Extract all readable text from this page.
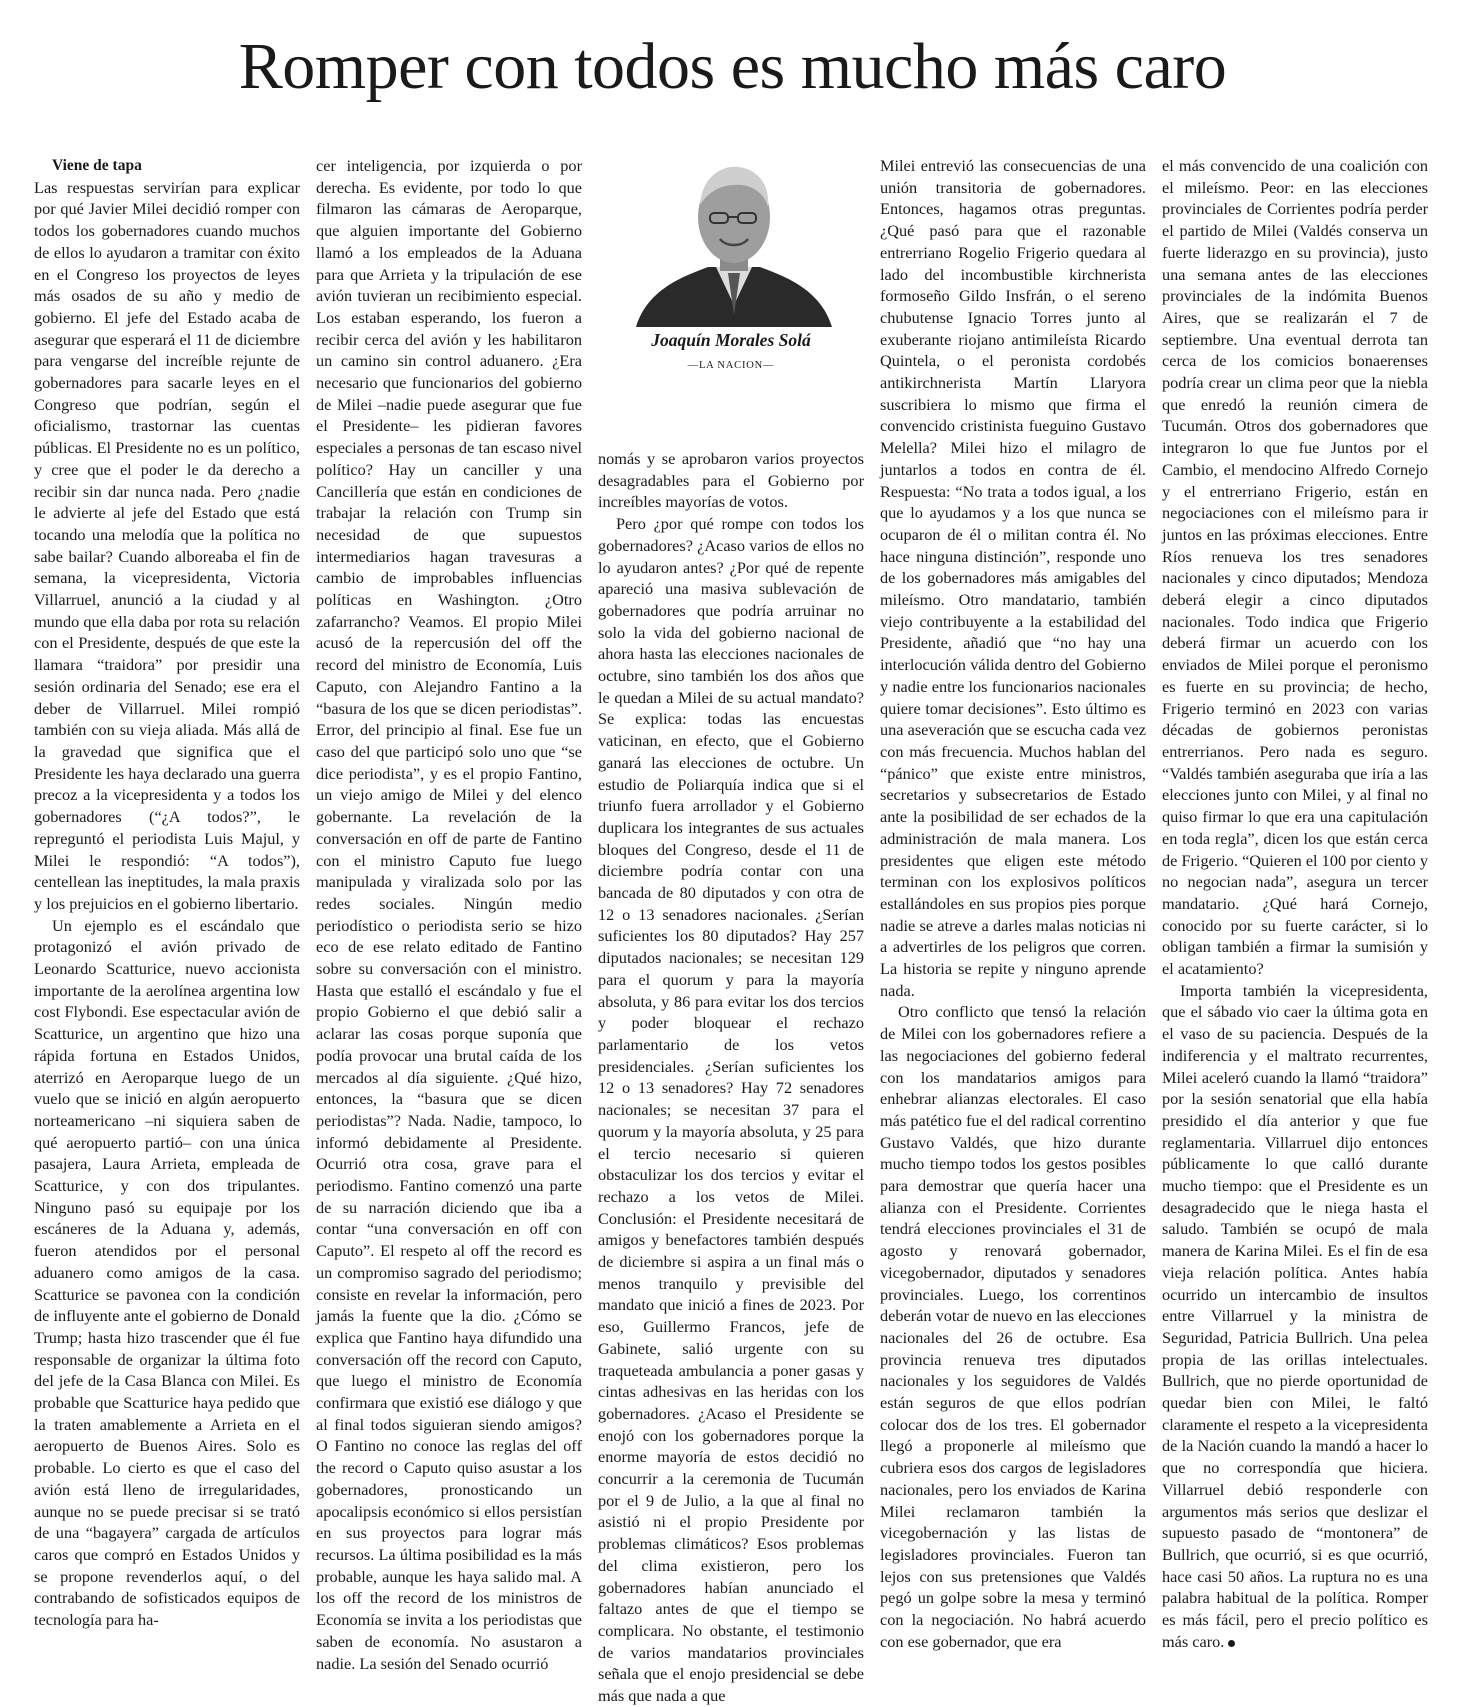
Romper con todos es mucho más caro

Viene de tapa

Las respuestas servirían para explicar por qué Javier Milei decidió romper con todos los gobernadores cuando muchos de ellos lo ayudaron a tramitar con éxito en el Congreso los proyectos de leyes más osados de su año y medio de gobierno. El jefe del Estado acaba de asegurar que esperará el 11 de diciembre para vengarse del increíble rejunte de gobernadores para sacarle leyes en el Congreso que podrían, según el oficialismo, trastornar las cuentas públicas. El Presidente no es un político, y cree que el poder le da derecho a recibir sin dar nunca nada. Pero ¿nadie le advierte al jefe del Estado que está tocando una melodía que la política no sabe bailar? Cuando alboreaba el fin de semana, la vicepresidenta, Victoria Villarruel, anunció a la ciudad y al mundo que ella daba por rota su relación con el Presidente, después de que este la llamara “traidora” por presidir una sesión ordinaria del Senado; ese era el deber de Villarruel. Milei rompió también con su vieja aliada. Más allá de la gravedad que significa que el Presidente les haya declarado una guerra precoz a la vicepresidenta y a todos los gobernadores (“¿A todos?”, le repreguntó el periodista Luis Majul, y Milei le respondió: “A todos”), centellean las ineptitudes, la mala praxis y los prejuicios en el gobierno libertario.

Un ejemplo es el escándalo que protagonizó el avión privado de Leonardo Scatturice, nuevo accionista importante de la aerolínea argentina low cost Flybondi. Ese espectacular avión de Scatturice, un argentino que hizo una rápida fortuna en Estados Unidos, aterrizó en Aeroparque luego de un vuelo que se inició en algún aeropuerto norteamericano –ni siquiera saben de qué aeropuerto partió– con una única pasajera, Laura Arrieta, empleada de Scatturice, y con dos tripulantes. Ninguno pasó su equipaje por los escáneres de la Aduana y, además, fueron atendidos por el personal aduanero como amigos de la casa. Scatturice se pavonea con la condición de influyente ante el gobierno de Donald Trump; hasta hizo trascender que él fue responsable de organizar la última foto del jefe de la Casa Blanca con Milei. Es probable que Scatturice haya pedido que la traten amablemente a Arrieta en el aeropuerto de Buenos Aires. Solo es probable. Lo cierto es que el caso del avión está lleno de irregularidades, aunque no se puede precisar si se trató de una “bagayera” cargada de artículos caros que compró en Estados Unidos y se propone revenderlos aquí, o del contrabando de sofisticados equipos de tecnología para ha-

cer inteligencia, por izquierda o por derecha. Es evidente, por todo lo que filmaron las cámaras de Aeroparque, que alguien importante del Gobierno llamó a los empleados de la Aduana para que Arrieta y la tripulación de ese avión tuvieran un recibimiento especial. Los estaban esperando, los fueron a recibir cerca del avión y les habilitaron un camino sin control aduanero. ¿Era necesario que funcionarios del gobierno de Milei –nadie puede asegurar que fue el Presidente– les pidieran favores especiales a personas de tan escaso nivel político? Hay un canciller y una Cancillería que están en condiciones de trabajar la relación con Trump sin necesidad de que supuestos intermediarios hagan travesuras a cambio de improbables influencias políticas en Washington. ¿Otro zafarrancho? Veamos. El propio Milei acusó de la repercusión del off the record del ministro de Economía, Luis Caputo, con Alejandro Fantino a la “basura de los que se dicen periodistas”. Error, del principio al final. Ese fue un caso del que participó solo uno que “se dice periodista”, y es el propio Fantino, un viejo amigo de Milei y del elenco gobernante. La revelación de la conversación en off de parte de Fantino con el ministro Caputo fue luego manipulada y viralizada solo por las redes sociales. Ningún medio periodístico o periodista serio se hizo eco de ese relato editado de Fantino sobre su conversación con el ministro. Hasta que estalló el escándalo y fue el propio Gobierno el que debió salir a aclarar las cosas porque suponía que podía provocar una brutal caída de los mercados al día siguiente. ¿Qué hizo, entonces, la “basura que se dicen periodistas”? Nada. Nadie, tampoco, lo informó debidamente al Presidente. Ocurrió otra cosa, grave para el periodismo. Fantino comenzó una parte de su narración diciendo que iba a contar “una conversación en off con Caputo”. El respeto al off the record es un compromiso sagrado del periodismo; consiste en revelar la información, pero jamás la fuente que la dio. ¿Cómo se explica que Fantino haya difundido una conversación off the record con Caputo, que luego el ministro de Economía confirmara que existió ese diálogo y que al final todos siguieran siendo amigos? O Fantino no conoce las reglas del off the record o Caputo quiso asustar a los gobernadores, pronosticando un apocalipsis económico si ellos persistían en sus proyectos para lograr más recursos. La última posibilidad es la más probable, aunque les haya salido mal. A los off the record de los ministros de Economía se invita a los periodistas que saben de economía. No asustaron a nadie. La sesión del Senado ocurrió

Joaquín Morales Solá
—LA NACION—

nomás y se aprobaron varios proyectos desagradables para el Gobierno por increíbles mayorías de votos.

Pero ¿por qué rompe con todos los gobernadores? ¿Acaso varios de ellos no lo ayudaron antes? ¿Por qué de repente apareció una masiva sublevación de gobernadores que podría arruinar no solo la vida del gobierno nacional de ahora hasta las elecciones nacionales de octubre, sino también los dos años que le quedan a Milei de su actual mandato? Se explica: todas las encuestas vaticinan, en efecto, que el Gobierno ganará las elecciones de octubre. Un estudio de Poliarquía indica que si el triunfo fuera arrollador y el Gobierno duplicara los integrantes de sus actuales bloques del Congreso, desde el 11 de diciembre podría contar con una bancada de 80 diputados y con otra de 12 o 13 senadores nacionales. ¿Serían suficientes los 80 diputados? Hay 257 diputados nacionales; se necesitan 129 para el quorum y para la mayoría absoluta, y 86 para evitar los dos tercios y poder bloquear el rechazo parlamentario de los vetos presidenciales. ¿Serían suficientes los 12 o 13 senadores? Hay 72 senadores nacionales; se necesitan 37 para el quorum y la mayoría absoluta, y 25 para el tercio necesario si quieren obstaculizar los dos tercios y evitar el rechazo a los vetos de Milei. Conclusión: el Presidente necesitará de amigos y benefactores también después de diciembre si aspira a un final más o menos tranquilo y previsible del mandato que inició a fines de 2023. Por eso, Guillermo Francos, jefe de Gabinete, salió urgente con su traqueteada ambulancia a poner gasas y cintas adhesivas en las heridas con los gobernadores. ¿Acaso el Presidente se enojó con los gobernadores porque la enorme mayoría de estos decidió no concurrir a la ceremonia de Tucumán por el 9 de Julio, a la que al final no asistió ni el propio Presidente por problemas climáticos? Esos problemas del clima existieron, pero los gobernadores habían anunciado el faltazo antes de que el tiempo se complicara. No obstante, el testimonio de varios mandatarios provinciales señala que el enojo presidencial se debe más que nada a que

Milei entrevió las consecuencias de una unión transitoria de gobernadores. Entonces, hagamos otras preguntas. ¿Qué pasó para que el razonable entrerriano Rogelio Frigerio quedara al lado del incombustible kirchnerista formoseño Gildo Insfrán, o el sereno chubutense Ignacio Torres junto al exuberante riojano antimileísta Ricardo Quintela, o el peronista cordobés antikirchnerista Martín Llaryora suscribiera lo mismo que firma el convencido cristinista fueguino Gustavo Melella? Milei hizo el milagro de juntarlos a todos en contra de él. Respuesta: “No trata a todos igual, a los que lo ayudamos y a los que nunca se ocuparon de él o militan contra él. No hace ninguna distinción”, responde uno de los gobernadores más amigables del mileísmo. Otro mandatario, también viejo contribuyente a la estabilidad del Presidente, añadió que “no hay una interlocución válida dentro del Gobierno y nadie entre los funcionarios nacionales quiere tomar decisiones”. Esto último es una aseveración que se escucha cada vez con más frecuencia. Muchos hablan del “pánico” que existe entre ministros, secretarios y subsecretarios de Estado ante la posibilidad de ser echados de la administración de mala manera. Los presidentes que eligen este método terminan con los explosivos políticos estallándoles en sus propios pies porque nadie se atreve a darles malas noticias ni a advertirles de los peligros que corren. La historia se repite y ninguno aprende nada.

Otro conflicto que tensó la relación de Milei con los gobernadores refiere a las negociaciones del gobierno federal con los mandatarios amigos para enhebrar alianzas electorales. El caso más patético fue el del radical correntino Gustavo Valdés, que hizo durante mucho tiempo todos los gestos posibles para demostrar que quería hacer una alianza con el Presidente. Corrientes tendrá elecciones provinciales el 31 de agosto y renovará gobernador, vicegobernador, diputados y senadores provinciales. Luego, los correntinos deberán votar de nuevo en las elecciones nacionales del 26 de octubre. Esa provincia renueva tres diputados nacionales y los seguidores de Valdés están seguros de que ellos podrían colocar dos de los tres. El gobernador llegó a proponerle al mileísmo que cubriera esos dos cargos de legisladores nacionales, pero los enviados de Karina Milei reclamaron también la vicegobernación y las listas de legisladores provinciales. Fueron tan lejos con sus pretensiones que Valdés pegó un golpe sobre la mesa y terminó con la negociación. No habrá acuerdo con ese gobernador, que era

el más convencido de una coalición con el mileísmo. Peor: en las elecciones provinciales de Corrientes podría perder el partido de Milei (Valdés conserva un fuerte liderazgo en su provincia), justo una semana antes de las elecciones provinciales de la indómita Buenos Aires, que se realizarán el 7 de septiembre. Una eventual derrota tan cerca de los comicios bonaerenses podría crear un clima peor que la niebla que enredó la reunión cimera de Tucumán. Otros dos gobernadores que integraron lo que fue Juntos por el Cambio, el mendocino Alfredo Cornejo y el entrerriano Frigerio, están en negociaciones con el mileísmo para ir juntos en las próximas elecciones. Entre Ríos renueva los tres senadores nacionales y cinco diputados; Mendoza deberá elegir a cinco diputados nacionales. Todo indica que Frigerio deberá firmar un acuerdo con los enviados de Milei porque el peronismo es fuerte en su provincia; de hecho, Frigerio terminó en 2023 con varias décadas de gobiernos peronistas entrerrianos. Pero nada es seguro. “Valdés también aseguraba que iría a las elecciones junto con Milei, y al final no quiso firmar lo que era una capitulación en toda regla”, dicen los que están cerca de Frigerio. “Quieren el 100 por ciento y no negocian nada”, asegura un tercer mandatario. ¿Qué hará Cornejo, conocido por su fuerte carácter, si lo obligan también a firmar la sumisión y el acatamiento?

Importa también la vicepresidenta, que el sábado vio caer la última gota en el vaso de su paciencia. Después de la indiferencia y el maltrato recurrentes, Milei aceleró cuando la llamó “traidora” por la sesión senatorial que ella había presidido el día anterior y que fue reglamentaria. Villarruel dijo entonces públicamente lo que calló durante mucho tiempo: que el Presidente es un desagradecido que le niega hasta el saludo. También se ocupó de mala manera de Karina Milei. Es el fin de esa vieja relación política. Antes había ocurrido un intercambio de insultos entre Villarruel y la ministra de Seguridad, Patricia Bullrich. Una pelea propia de las orillas intelectuales. Bullrich, que no pierde oportunidad de quedar bien con Milei, le faltó claramente el respeto a la vicepresidenta de la Nación cuando la mandó a hacer lo que no correspondía que hiciera. Villarruel debió responderle con argumentos más serios que deslizar el supuesto pasado de “montonera” de Bullrich, que ocurrió, si es que ocurrió, hace casi 50 años. La ruptura no es una palabra habitual de la política. Romper es más fácil, pero el precio político es más caro.
